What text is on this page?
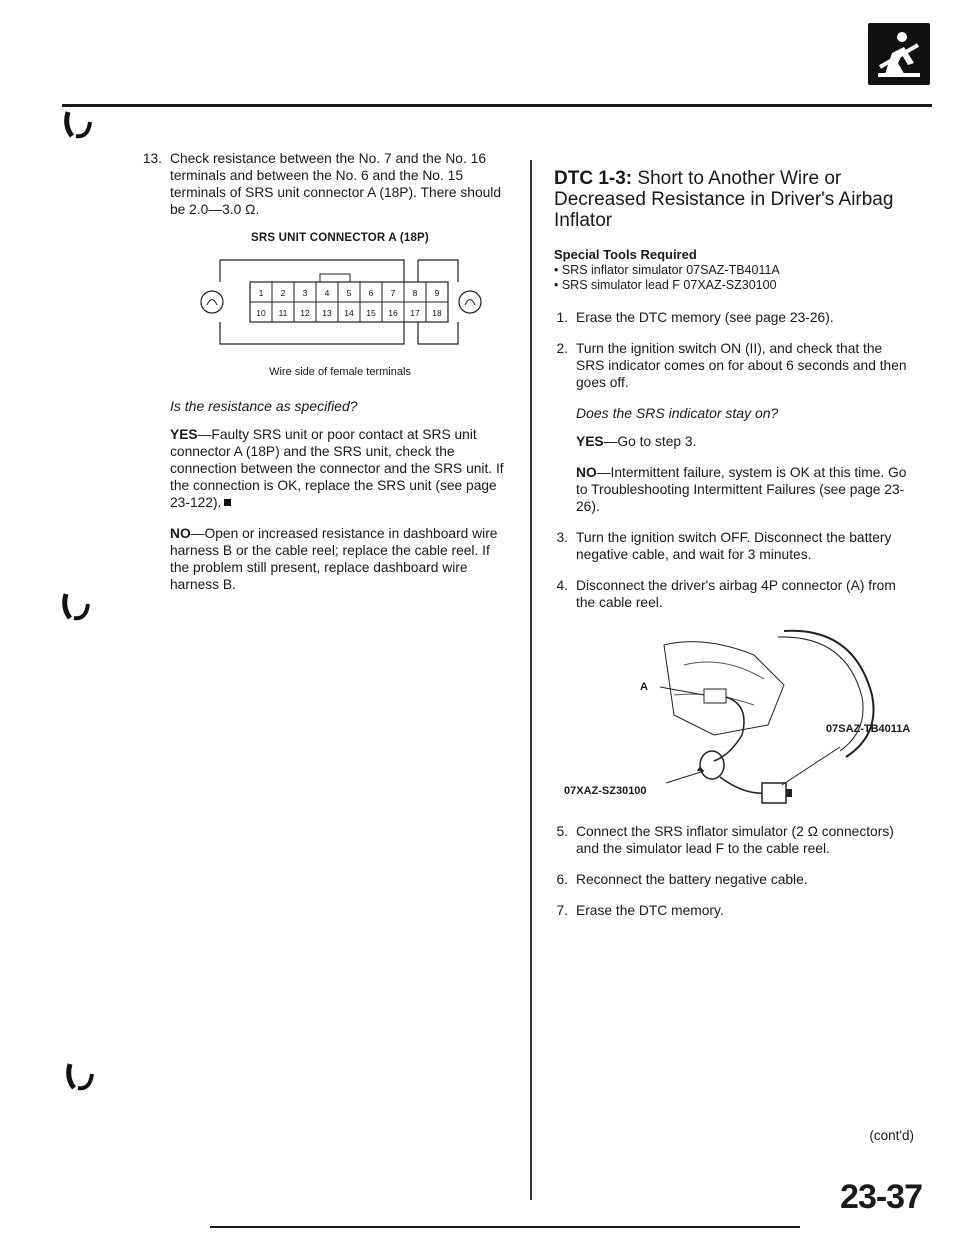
13. Check resistance between the No. 7 and the No. 16 terminals and between the No. 6 and the No. 15 terminals of SRS unit connector A (18P). There should be 2.0—3.0 Ω.
SRS UNIT CONNECTOR A (18P)
1 2 3 4 5 6 7 8 9
10 11 12 13 14 15 16 17 18
Wire side of female terminals
Is the resistance as specified?

YES—Faulty SRS unit or poor contact at SRS unit connector A (18P) and the SRS unit, check the connection between the connector and the SRS unit. If the connection is OK, replace the SRS unit (see page 23-122).

NO—Open or increased resistance in dashboard wire harness B or the cable reel; replace the cable reel. If the problem still present, replace dashboard wire harness B.

DTC 1-3: Short to Another Wire or Decreased Resistance in Driver's Airbag Inflator
Special Tools Required
• SRS inflator simulator 07SAZ-TB4011A
• SRS simulator lead F 07XAZ-SZ30100
1. Erase the DTC memory (see page 23-26).
2. Turn the ignition switch ON (II), and check that the SRS indicator comes on for about 6 seconds and then goes off.
Does the SRS indicator stay on?

YES—Go to step 3.

NO—Intermittent failure, system is OK at this time. Go to Troubleshooting Intermittent Failures (see page 23-26).

3. Turn the ignition switch OFF. Disconnect the battery negative cable, and wait for 3 minutes.
4. Disconnect the driver's airbag 4P connector (A) from the cable reel.
A
07SAZ-TB4011A
07XAZ-SZ30100
5. Connect the SRS inflator simulator (2 Ω connectors) and the simulator lead F to the cable reel.
6. Reconnect the battery negative cable.
7. Erase the DTC memory.
(cont'd)
23-37
